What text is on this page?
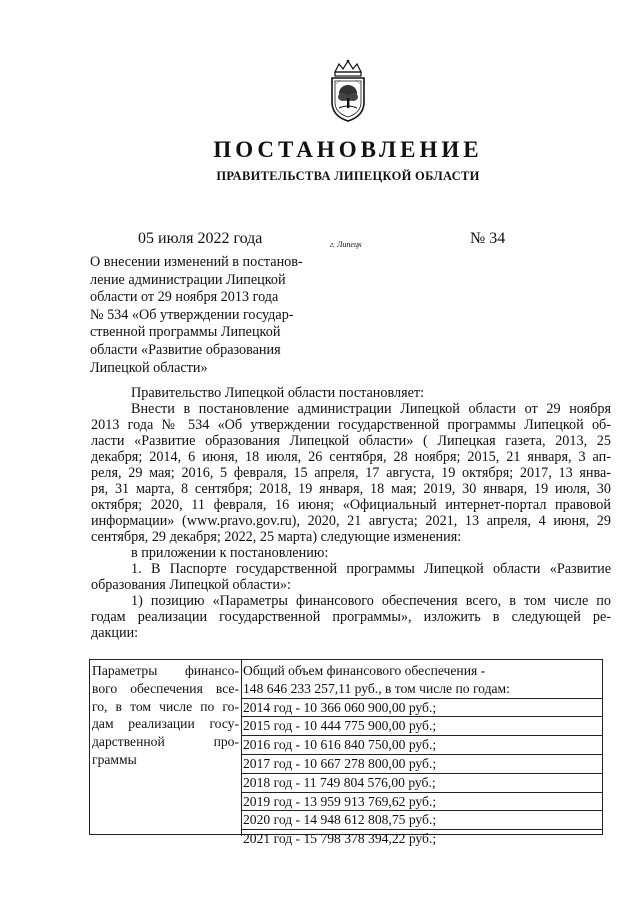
ПОСТАНОВЛЕНИЕ
ПРАВИТЕЛЬСТВА ЛИПЕЦКОЙ ОБЛАСТИ
05 июля 2022 года	г. Липецк	№ 34
О внесении изменений в постанов-
ление администрации Липецкой
области от 29 ноября 2013 года
№ 534 «Об утверждении государ-
ственной программы Липецкой
области «Развитие образования
Липецкой области»
Правительство Липецкой области постановляет:
Внести в постановление администрации Липецкой области от 29 ноября
2013 года № 534 «Об утверждении государственной программы Липецкой об-
ласти «Развитие образования Липецкой области» ( Липецкая газета, 2013, 25
декабря; 2014, 6 июня, 18 июля, 26 сентября, 28 ноября; 2015, 21 января, 3 ап-
реля, 29 мая; 2016, 5 февраля, 15 апреля, 17 августа, 19 октября; 2017, 13 янва-
ря, 31 марта, 8 сентября; 2018, 19 января, 18 мая; 2019, 30 января, 19 июля, 30
октября; 2020, 11 февраля, 16 июня; «Официальный интернет-портал правовой
информации» (www.pravo.gov.ru), 2020, 21 августа; 2021, 13 апреля, 4 июня, 29
сентября, 29 декабря; 2022, 25 марта) следующие изменения:
в приложении к постановлению:
1. В Паспорте государственной программы Липецкой области «Развитие
образования Липецкой области»:
1) позицию «Параметры финансового обеспечения всего, в том числе по
годам реализации государственной программы», изложить в следующей ре-
дакции:
Параметры финансо-
вого обеспечения все-
го, в том числе по го-
дам реализации госу-
дарственной про-
граммы
Общий объем финансового обеспечения -
148 646 233 257,11 руб., в том числе по годам:
2014 год - 10 366 060 900,00 руб.;
2015 год - 10 444 775 900,00 руб.;
2016 год - 10 616 840 750,00 руб.;
2017 год - 10 667 278 800,00 руб.;
2018 год - 11 749 804 576,00 руб.;
2019 год - 13 959 913 769,62 руб.;
2020 год - 14 948 612 808,75 руб.;
2021 год - 15 798 378 394,22 руб.;
